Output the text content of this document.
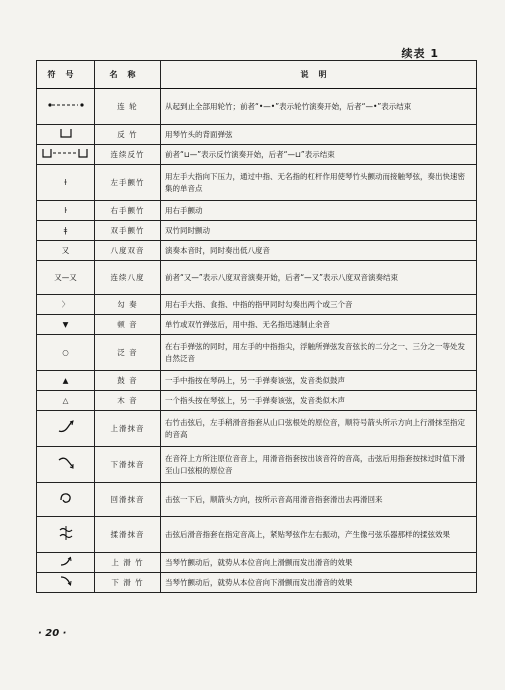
续表 1
符号	名称	说明
	连 轮	从起到止全部用轮竹；前者“•—•”表示轮竹演奏开始，后者“—•”表示结束
	反 竹	用琴竹头的背面弹弦
	连续反竹	前者“⊔—”表示反竹演奏开始，后者“—⊔”表示结束
ɫ	左手颤竹	用左手大指向下压力，通过中指、无名指的杠杆作用使琴竹头颤动而接触琴弦，奏出快速密集的单音点
ŀ	右手颤竹	用右手颤动
ǂ	双手颤竹	双竹同时颤动
又	八度双音	演奏本音时，同时奏出低八度音
又—又	连续八度	前者“又—”表示八度双音演奏开始，后者“—又”表示八度双音演奏结束
〉	勾 奏	用右手大指、食指、中指的指甲同时勾奏出两个或三个音
▼	顿 音	单竹或双竹弹弦后，用中指、无名指迅速制止余音
○	泛 音	在右手弹弦的同时，用左手的中指指尖，浮触所弹弦发音弦长的二分之一、三分之一等处发自然泛音
▲	鼓 音	一手中指按在琴码上，另一手弹奏该弦，发音类似鼓声
△	木 音	一个指头按在琴弦上，另一手弹奏该弦，发音类似木声
	上滑抹音	右竹击弦后，左手稍滑音指套从山口弦根处的原位音，顺符号箭头所示方向上行滑抹至指定的音高
	下滑抹音	在音符上方所注原位音音上，用滑音指套按出该音符的音高，击弦后用指套按抹过时值下滑至山口弦根的原位音
	回滑抹音	击弦一下后，顺箭头方向，按所示音高用滑音指套滑出去再滑回来
	揉滑抹音	击弦后滑音指套在指定音高上，紧贴琴弦作左右振动，产生像弓弦乐器那样的揉弦效果
	上 滑 竹	当琴竹颤动后，就势从本位音向上滑颤而发出滑音的效果
	下 滑 竹	当琴竹颤动后，就势从本位音向下滑颤而发出滑音的效果
· 20 ·
